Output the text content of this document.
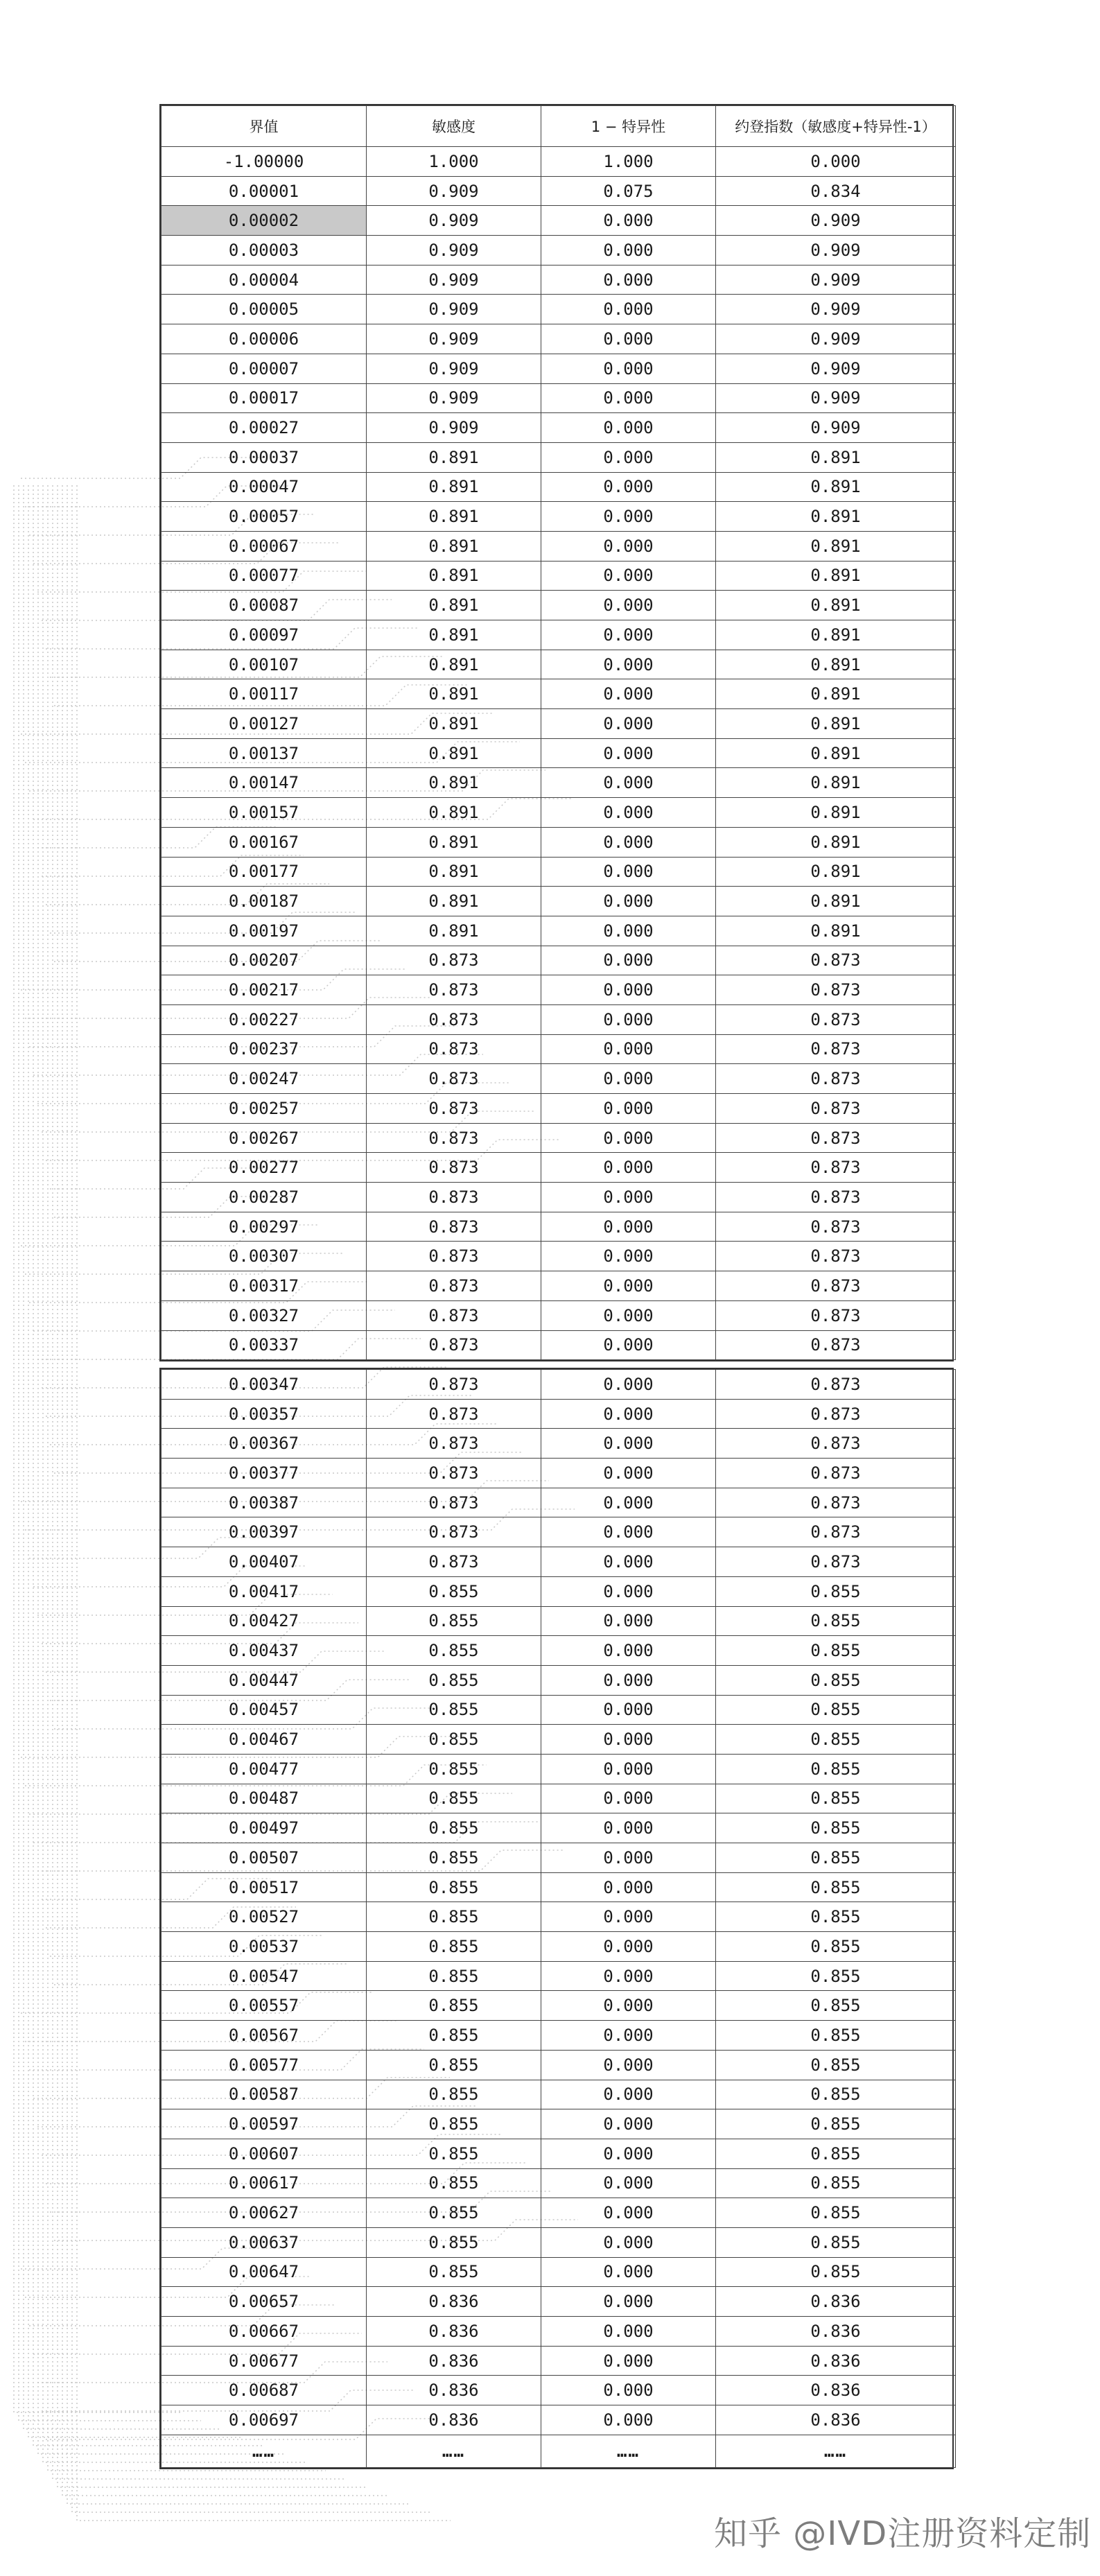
界值	敏感度	1 − 特异性	约登指数（敏感度+特异性-1）
-1.00000	1.000	1.000	0.000
0.00001	0.909	0.075	0.834
0.00002	0.909	0.000	0.909
0.00003	0.909	0.000	0.909
0.00004	0.909	0.000	0.909
0.00005	0.909	0.000	0.909
0.00006	0.909	0.000	0.909
0.00007	0.909	0.000	0.909
0.00017	0.909	0.000	0.909
0.00027	0.909	0.000	0.909
0.00037	0.891	0.000	0.891
0.00047	0.891	0.000	0.891
0.00057	0.891	0.000	0.891
0.00067	0.891	0.000	0.891
0.00077	0.891	0.000	0.891
0.00087	0.891	0.000	0.891
0.00097	0.891	0.000	0.891
0.00107	0.891	0.000	0.891
0.00117	0.891	0.000	0.891
0.00127	0.891	0.000	0.891
0.00137	0.891	0.000	0.891
0.00147	0.891	0.000	0.891
0.00157	0.891	0.000	0.891
0.00167	0.891	0.000	0.891
0.00177	0.891	0.000	0.891
0.00187	0.891	0.000	0.891
0.00197	0.891	0.000	0.891
0.00207	0.873	0.000	0.873
0.00217	0.873	0.000	0.873
0.00227	0.873	0.000	0.873
0.00237	0.873	0.000	0.873
0.00247	0.873	0.000	0.873
0.00257	0.873	0.000	0.873
0.00267	0.873	0.000	0.873
0.00277	0.873	0.000	0.873
0.00287	0.873	0.000	0.873
0.00297	0.873	0.000	0.873
0.00307	0.873	0.000	0.873
0.00317	0.873	0.000	0.873
0.00327	0.873	0.000	0.873
0.00337	0.873	0.000	0.873
0.00347	0.873	0.000	0.873
0.00357	0.873	0.000	0.873
0.00367	0.873	0.000	0.873
0.00377	0.873	0.000	0.873
0.00387	0.873	0.000	0.873
0.00397	0.873	0.000	0.873
0.00407	0.873	0.000	0.873
0.00417	0.855	0.000	0.855
0.00427	0.855	0.000	0.855
0.00437	0.855	0.000	0.855
0.00447	0.855	0.000	0.855
0.00457	0.855	0.000	0.855
0.00467	0.855	0.000	0.855
0.00477	0.855	0.000	0.855
0.00487	0.855	0.000	0.855
0.00497	0.855	0.000	0.855
0.00507	0.855	0.000	0.855
0.00517	0.855	0.000	0.855
0.00527	0.855	0.000	0.855
0.00537	0.855	0.000	0.855
0.00547	0.855	0.000	0.855
0.00557	0.855	0.000	0.855
0.00567	0.855	0.000	0.855
0.00577	0.855	0.000	0.855
0.00587	0.855	0.000	0.855
0.00597	0.855	0.000	0.855
0.00607	0.855	0.000	0.855
0.00617	0.855	0.000	0.855
0.00627	0.855	0.000	0.855
0.00637	0.855	0.000	0.855
0.00647	0.855	0.000	0.855
0.00657	0.836	0.000	0.836
0.00667	0.836	0.000	0.836
0.00677	0.836	0.000	0.836
0.00687	0.836	0.000	0.836
0.00697	0.836	0.000	0.836
……	……	……	……
知乎 @IVD注册资料定制
